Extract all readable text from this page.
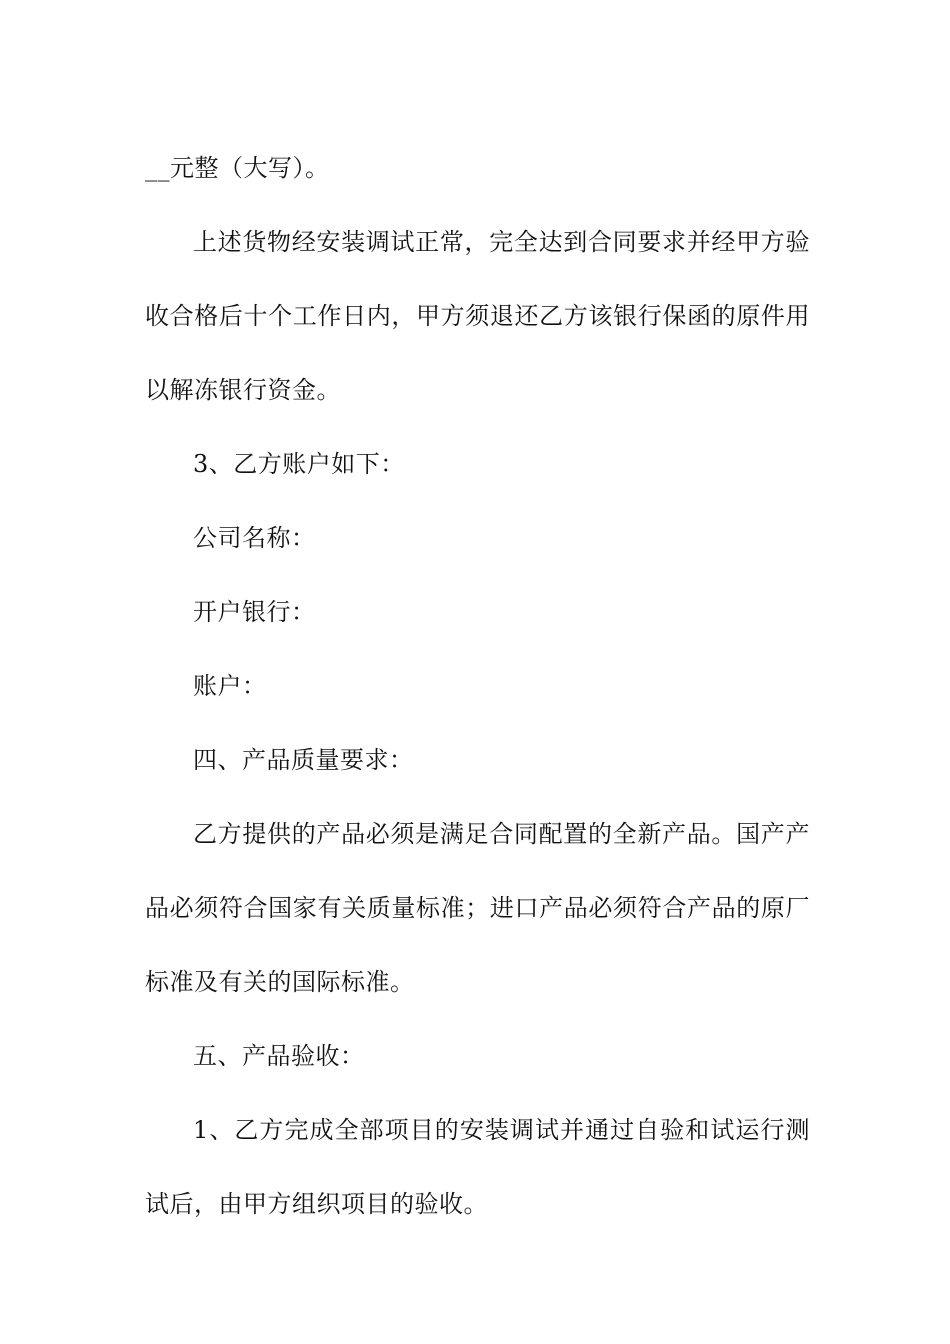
__元整（大写）。

上述货物经安装调试正常，完全达到合同要求并经甲方验收合格后十个工作日内，甲方须退还乙方该银行保函的原件用以解冻银行资金。

3、乙方账户如下：

公司名称：

开户银行：

账户：

四、产品质量要求：

乙方提供的产品必须是满足合同配置的全新产品。国产产品必须符合国家有关质量标准；进口产品必须符合产品的原厂标准及有关的国际标准。

五、产品验收：

1、乙方完成全部项目的安装调试并通过自验和试运行测试后，由甲方组织项目的验收。
